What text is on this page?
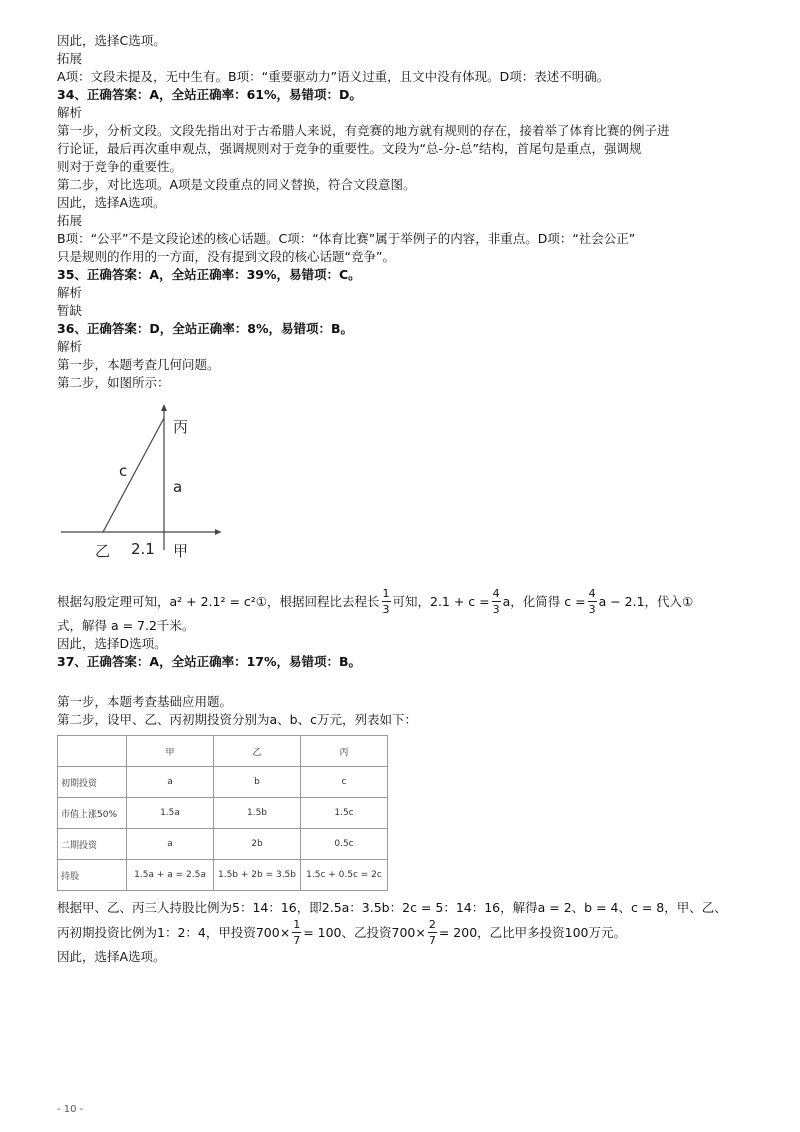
因此，选择C选项。
拓展
A项：文段未提及，无中生有。B项：“重要驱动力”语义过重，且文中没有体现。D项：表述不明确。
34、正确答案：A，全站正确率：61%，易错项：D。
解析
第一步，分析文段。文段先指出对于古希腊人来说，有竞赛的地方就有规则的存在，接着举了体育比赛的例子进
行论证，最后再次重申观点，强调规则对于竞争的重要性。文段为“总-分-总”结构，首尾句是重点，强调规
则对于竞争的重要性。
第二步，对比选项。A项是文段重点的同义替换，符合文段意图。
因此，选择A选项。
拓展
B项：“公平”不是文段论述的核心话题。C项：“体育比赛”属于举例子的内容，非重点。D项：“社会公正”
只是规则的作用的一方面，没有提到文段的核心话题“竞争”。
35、正确答案：A，全站正确率：39%，易错项：C。
解析
暂缺
36、正确答案：D，全站正确率：8%，易错项：B。
解析
第一步，本题考查几何问题。
第二步，如图所示：
丙
c
a
乙 2.1 甲
根据勾股定理可知，a² + 2.1² = c²①，根据回程比去程长 $\frac{1}{3}$ 可知，$2.1 + c = \frac{4}{3}$ a，化简得 $c = \frac{4}{3}$ a − 2.1，代入①
式，解得 a = 7.2千米。
因此，选择D选项。
37、正确答案：A，全站正确率：17%，易错项：B。
第一步，本题考查基础应用题。
第二步，设甲、乙、丙初期投资分别为a、b、c万元，列表如下：
	甲	乙	丙
初期投资	a	b	c
市值上涨50%	1.5a	1.5b	1.5c
二期投资	a	2b	0.5c
持股	1.5a + a = 2.5a	1.5b + 2b = 3.5b	1.5c + 0.5c = 2c
根据甲、乙、丙三人持股比例为5：14：16，即2.5a：3.5b：2c = 5：14：16，解得a = 2、b = 4、c = 8，甲、乙、
丙初期投资比例为1：2：4，甲投资$700\times \frac{1}{7} = 100$、乙投资$700\times \frac{2}{7} = 200$，乙比甲多投资100万元。
因此，选择A选项。
- 10 -
